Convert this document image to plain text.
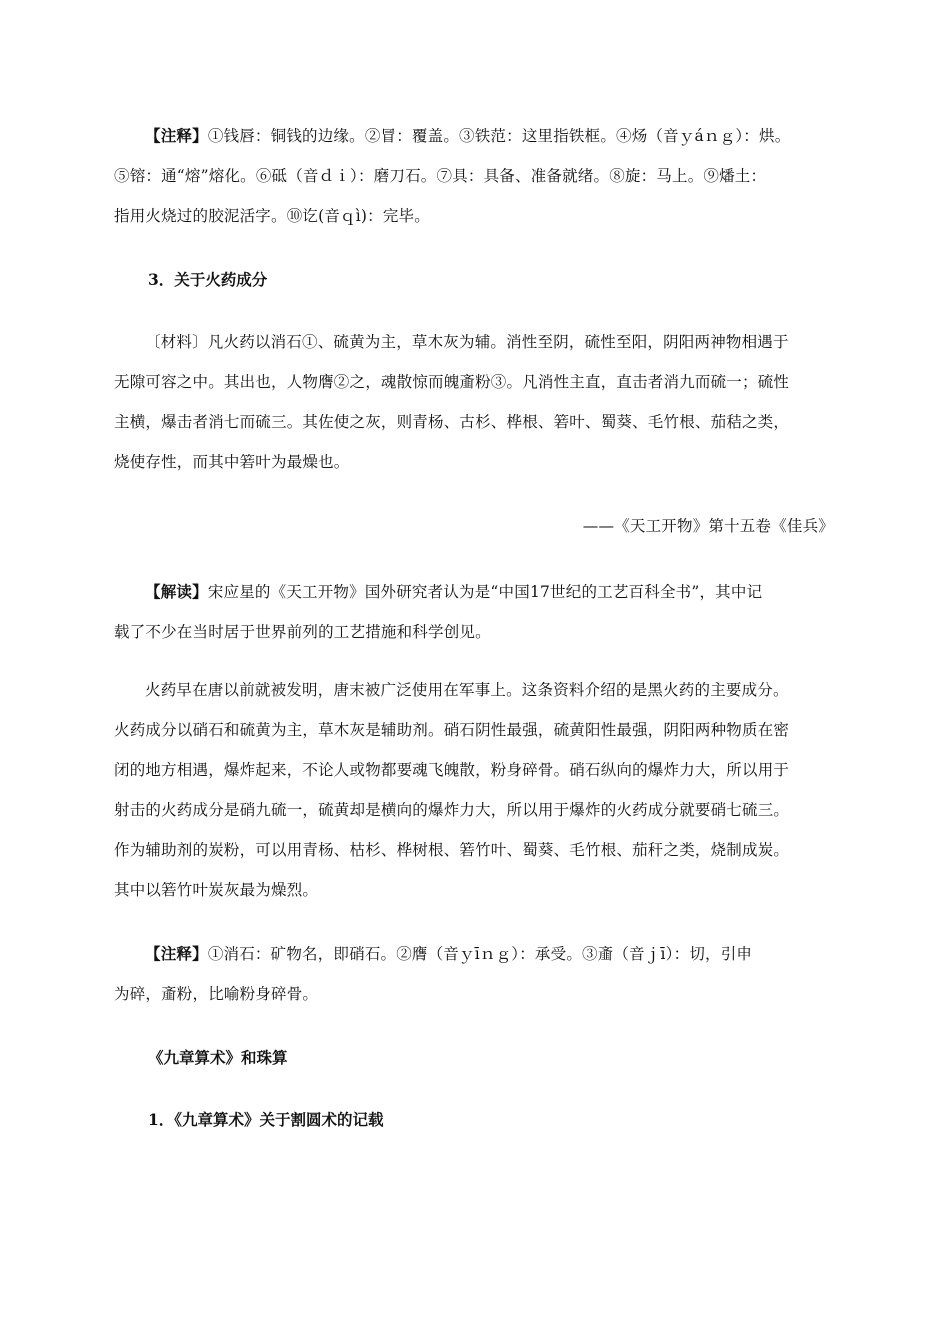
【注释】①钱唇：铜钱的边缘。②冒：覆盖。③铁范：这里指铁框。④炀（音ｙáｎｇ）：烘。

⑤镕：通“熔”熔化。⑥砥（音ｄｉ）：磨刀石。⑦具：具备、准备就绪。⑧旋：马上。⑨燔土：

指用火烧过的胶泥活字。⑩讫(音ｑì)：完毕。

3．关于火药成分

〔材料〕凡火药以消石①、硫黄为主，草木灰为辅。消性至阴，硫性至阳，阴阳两神物相遇于

无隙可容之中。其出也，人物膺②之，魂散惊而魄齑粉③。凡消性主直，直击者消九而硫一；硫性

主横，爆击者消七而硫三。其佐使之灰，则青杨、古杉、桦根、箬叶、蜀葵、毛竹根、茄秸之类，

烧使存性，而其中箬叶为最燥也。

——《天工开物》第十五卷《佳兵》

【解读】宋应星的《天工开物》国外研究者认为是“中国17世纪的工艺百科全书”，其中记

载了不少在当时居于世界前列的工艺措施和科学创见。

火药早在唐以前就被发明，唐末被广泛使用在军事上。这条资料介绍的是黑火药的主要成分。

火药成分以硝石和硫黄为主，草木灰是辅助剂。硝石阴性最强，硫黄阳性最强，阴阳两种物质在密

闭的地方相遇，爆炸起来，不论人或物都要魂飞魄散，粉身碎骨。硝石纵向的爆炸力大，所以用于

射击的火药成分是硝九硫一，硫黄却是横向的爆炸力大，所以用于爆炸的火药成分就要硝七硫三。

作为辅助剂的炭粉，可以用青杨、枯杉、桦树根、箬竹叶、蜀葵、毛竹根、茄秆之类，烧制成炭。

其中以箬竹叶炭灰最为燥烈。

【注释】①消石：矿物名，即硝石。②膺（音ｙīｎｇ）：承受。③齑（音ｊī）：切，引申

为碎，齑粉，比喻粉身碎骨。

《九章算术》和珠算
1．《九章算术》关于割圆术的记载
